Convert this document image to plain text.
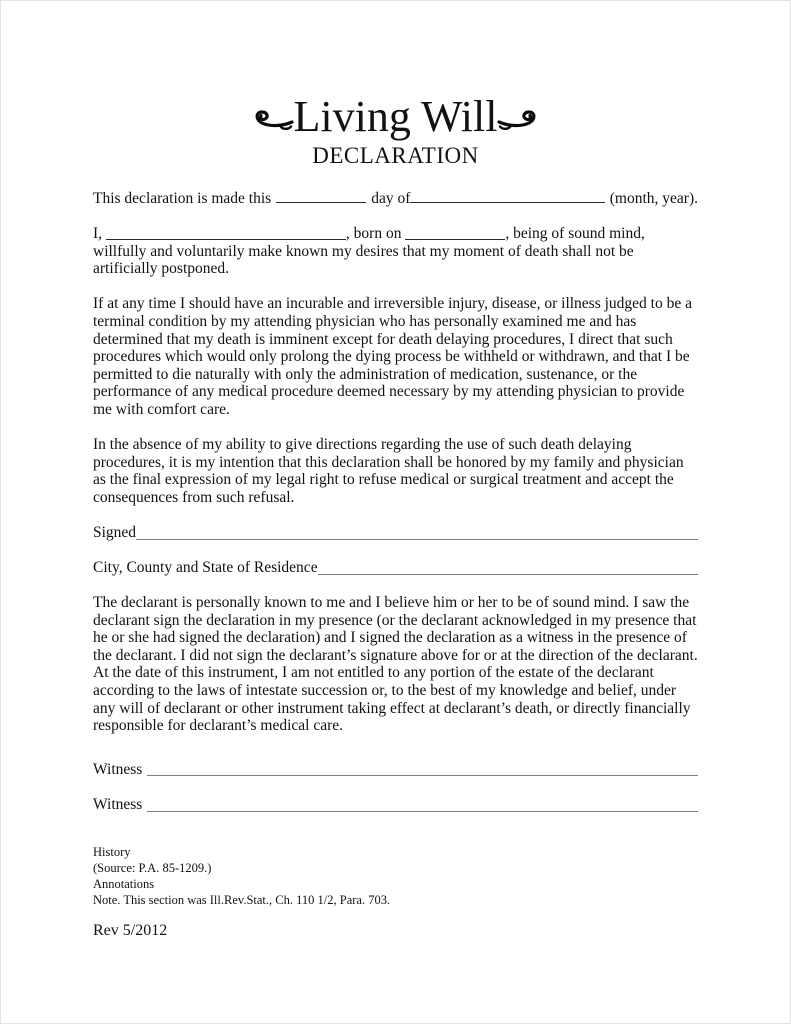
Living Will
DECLARATION
This declaration is made this	day of	(month, year).

I,	, born on	, being of sound mind, willfully and voluntarily make known my desires that my moment of death shall not be artificially postponed.

If at any time I should have an incurable and irreversible injury, disease, or illness judged to be a terminal condition by my attending physician who has personally examined me and has determined that my death is imminent except for death delaying procedures, I direct that such procedures which would only prolong the dying process be withheld or withdrawn, and that I be permitted to die naturally with only the administration of medication, sustenance, or the performance of any medical procedure deemed necessary by my attending physician to provide me with comfort care.

In the absence of my ability to give directions regarding the use of such death delaying procedures, it is my intention that this declaration shall be honored by my family and physician as the final expression of my legal right to refuse medical or surgical treatment and accept the consequences from such refusal.

Signed
City, County and State of Residence

The declarant is personally known to me and I believe him or her to be of sound mind. I saw the declarant sign the declaration in my presence (or the declarant acknowledged in my presence that he or she had signed the declaration) and I signed the declaration as a witness in the presence of the declarant. I did not sign the declarant’s signature above for or at the direction of the declarant. At the date of this instrument, I am not entitled to any portion of the estate of the declarant according to the laws of intestate succession or, to the best of my knowledge and belief, under any will of declarant or other instrument taking effect at declarant’s death, or directly financially responsible for declarant’s medical care.

Witness
Witness
History
(Source: P.A. 85-1209.)
Annotations
Note. This section was Ill.Rev.Stat., Ch. 110 1/2, Para. 703.
Rev 5/2012
